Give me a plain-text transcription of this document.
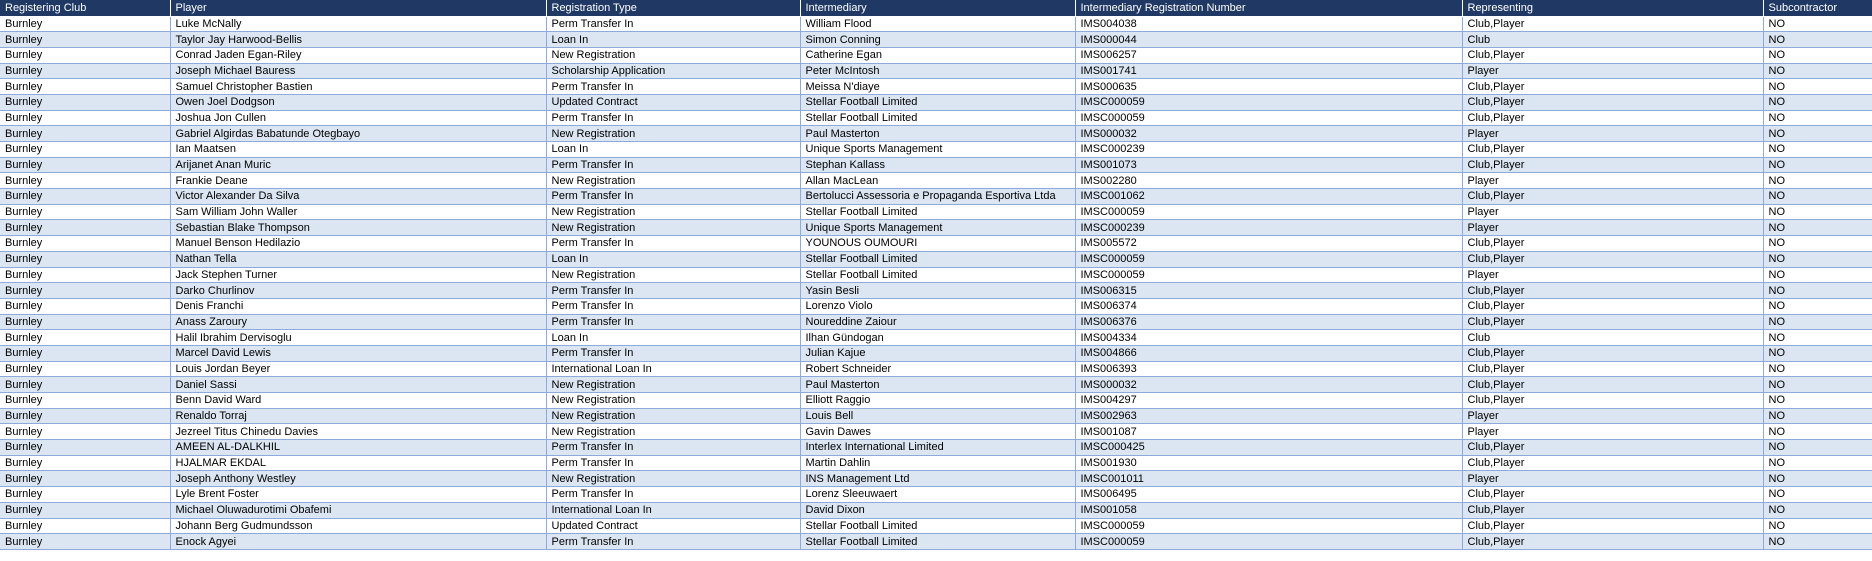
Registering Club	Player	Registration Type	Intermediary	Intermediary Registration Number	Representing	Subcontractor
Burnley	Luke McNally	Perm Transfer In	William Flood	IMS004038	Club,Player	NO
Burnley	Taylor Jay Harwood-Bellis	Loan In	Simon Conning	IMS000044	Club	NO
Burnley	Conrad Jaden Egan-Riley	New Registration	Catherine Egan	IMS006257	Club,Player	NO
Burnley	Joseph Michael Bauress	Scholarship Application	Peter McIntosh	IMS001741	Player	NO
Burnley	Samuel Christopher Bastien	Perm Transfer In	Meissa N'diaye	IMS000635	Club,Player	NO
Burnley	Owen Joel Dodgson	Updated Contract	Stellar Football Limited	IMSC000059	Club,Player	NO
Burnley	Joshua Jon Cullen	Perm Transfer In	Stellar Football Limited	IMSC000059	Club,Player	NO
Burnley	Gabriel Algirdas Babatunde Otegbayo	New Registration	Paul Masterton	IMS000032	Player	NO
Burnley	Ian Maatsen	Loan In	Unique Sports Management	IMSC000239	Club,Player	NO
Burnley	Arijanet Anan Muric	Perm Transfer In	Stephan Kallass	IMS001073	Club,Player	NO
Burnley	Frankie Deane	New Registration	Allan MacLean	IMS002280	Player	NO
Burnley	Victor Alexander Da Silva	Perm Transfer In	Bertolucci Assessoria e Propaganda Esportiva Ltda	IMSC001062	Club,Player	NO
Burnley	Sam William John Waller	New Registration	Stellar Football Limited	IMSC000059	Player	NO
Burnley	Sebastian Blake Thompson	New Registration	Unique Sports Management	IMSC000239	Player	NO
Burnley	Manuel Benson Hedilazio	Perm Transfer In	YOUNOUS OUMOURI	IMS005572	Club,Player	NO
Burnley	Nathan Tella	Loan In	Stellar Football Limited	IMSC000059	Club,Player	NO
Burnley	Jack Stephen Turner	New Registration	Stellar Football Limited	IMSC000059	Player	NO
Burnley	Darko Churlinov	Perm Transfer In	Yasin Besli	IMS006315	Club,Player	NO
Burnley	Denis Franchi	Perm Transfer In	Lorenzo Violo	IMS006374	Club,Player	NO
Burnley	Anass Zaroury	Perm Transfer In	Noureddine Zaiour	IMS006376	Club,Player	NO
Burnley	Halil Ibrahim Dervisoglu	Loan In	Ilhan Gündogan	IMS004334	Club	NO
Burnley	Marcel David Lewis	Perm Transfer In	Julian Kajue	IMS004866	Club,Player	NO
Burnley	Louis Jordan Beyer	International Loan In	Robert Schneider	IMS006393	Club,Player	NO
Burnley	Daniel Sassi	New Registration	Paul Masterton	IMS000032	Club,Player	NO
Burnley	Benn David Ward	New Registration	Elliott Raggio	IMS004297	Club,Player	NO
Burnley	Renaldo Torraj	New Registration	Louis Bell	IMS002963	Player	NO
Burnley	Jezreel Titus Chinedu Davies	New Registration	Gavin Dawes	IMS001087	Player	NO
Burnley	AMEEN AL-DALKHIL	Perm Transfer In	Interlex International Limited	IMSC000425	Club,Player	NO
Burnley	HJALMAR EKDAL	Perm Transfer In	Martin Dahlin	IMS001930	Club,Player	NO
Burnley	Joseph Anthony Westley	New Registration	INS Management Ltd	IMSC001011	Player	NO
Burnley	Lyle Brent Foster	Perm Transfer In	Lorenz Sleeuwaert	IMS006495	Club,Player	NO
Burnley	Michael Oluwadurotimi Obafemi	International Loan In	David Dixon	IMS001058	Club,Player	NO
Burnley	Johann Berg Gudmundsson	Updated Contract	Stellar Football Limited	IMSC000059	Club,Player	NO
Burnley	Enock Agyei	Perm Transfer In	Stellar Football Limited	IMSC000059	Club,Player	NO
